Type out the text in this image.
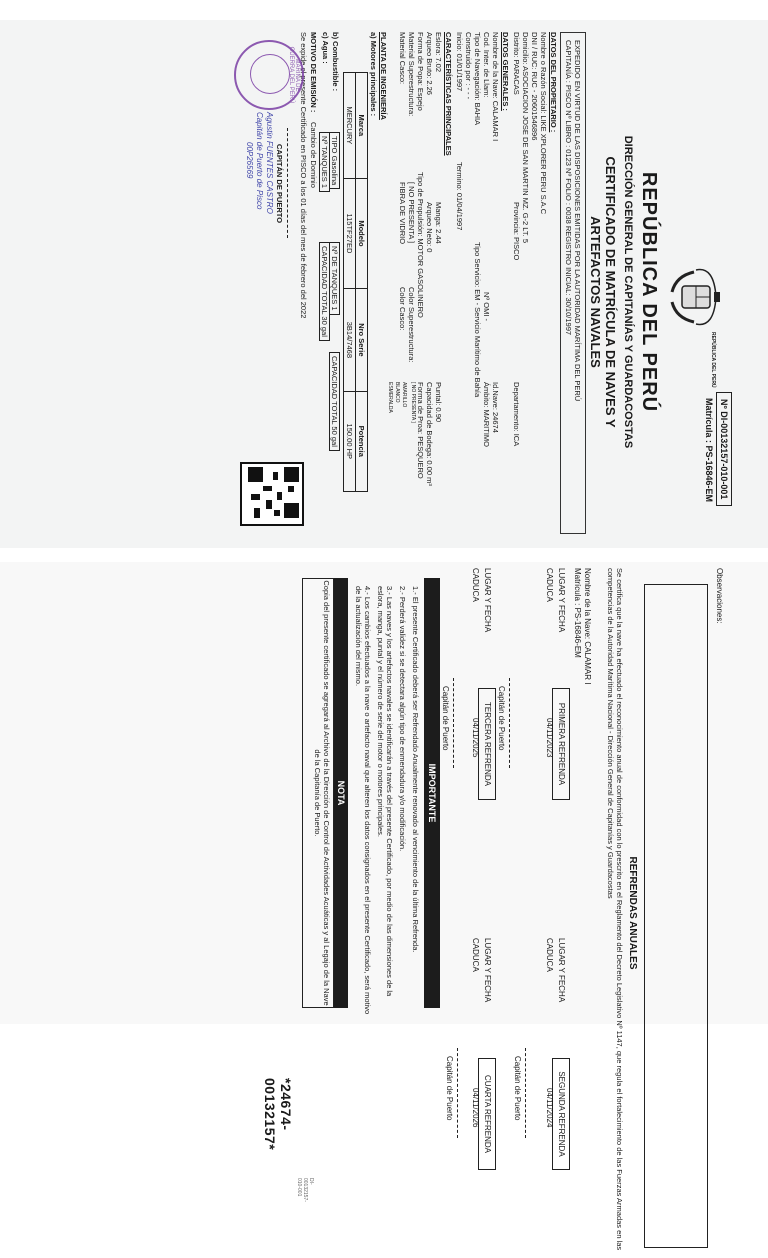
Nº DI-00132157-010-001
Matrícula : PS-16846-EM
REPÚBLICA DEL PERÚ
REPÚBLICA DEL PERÚ
DIRECCIÓN GENERAL DE CAPITANÍAS Y GUARDACOSTAS
CERTIFICADO DE MATRÍCULA DE NAVES Y
ARTEFACTOS NAVALES
EXPEDIDO EN VIRTUD DE LAS DISPOSICIONES EMITIDAS POR LA AUTORIDAD MARÍTIMA DEL PERÚ
CAPITANÍA : PISCO Nº LIBRO : 0123 Nº FOLIO : 0038 REGISTRO INICIAL: 30/10/1997
DATOS DEL PROPIETARIO :
Nombre o Razón Social: LIKE XPLORER PERU S.A.C
DNI / RUC: RUC - 20601546896
Domicilio: ASOCIACION JOSE DE SAN MARTIN MZ. G-2 LT. 5
Distrito: PARACAS
Provincia: PISCO
Departamento: ICA
DATOS GENERALES :
Nombre de la Nave: CALAMAR I
Id.Nave: 24674
Cod. Inter. de Llam:
Nº OMI -
Tipo de Navegación: BAHIA
Tipo Servicio: EM - Servicio Marítimo de Bahía
Ámbito: MARITIMO
Construido por : - - -
Inicio: 01/01/1997
Termino: 01/04/1997
CARACTERÍSTICAS PRINCIPALES
Eslora: 7.02
Manga: 2.44
Puntal: 0.90
Arqueo Bruto: 2.26
Arqueo Neto: 0
Capacidad de Bodega: 0.00 m³
Forma de Popa: Espejo
Tipo de Propulsión: MOTOR GASOLINERO
Forma de Proa: PESQUERO
Material Superestructura:
[ NO PRESENTA ]
Color Superestructura:
[ NO PRESENTA ]
Material Casco:
FIBRA DE VIDRIO
Color Casco:
AMARILLO
BLANCO
ESMERALDA
PLANTA DE INGENIERÍA
a) Motores principales :
Marca	Modelo	Nro Serie	Potencia
MERCURY	115TF27ED	3B14/7468	150.00 HP
b) Combustible :
TIPO Gasolina
Nº TANQUES 1
Nº DE TANQUES 1
CAPACIDAD TOTAL 50 gal
c) Agua :
CAPACIDAD TOTAL 30 gal
MOTIVO DE EMISIÓN :
Cambio de Dominio
Se expide el presente Certificado en PISCO a los 01 días del mes de febrero del 2022
MARINA DE GUERRA DEL PERÚ
CAPITÁN DE PUERTO
Agustin FUENTES CASTRO
Capitán de Puerto de Pisco
00P26569
Observaciones:
REFRENDAS ANUALES
Se certifica que la nave ha efectuado el reconocimiento anual de conformidad con lo prescrito en el Reglamento del Decreto Legislativo Nº 1147, que regula el fortalecimiento de las Fuerzas Armadas en las competencias de la Autoridad Marítima Nacional - Dirección General de Capitanías y Guardacostas
Nombre de la Nave: CALAMAR I
Matrícula : PS-16846-EM
LUGAR Y FECHA
PRIMERA REFRENDA
CADUCA
04/11/2023
Capitán de Puerto
LUGAR Y FECHA
SEGUNDA REFRENDA
CADUCA
04/11/2024
Capitán de Puerto
LUGAR Y FECHA
TERCERA REFRENDA
CADUCA
04/11/2025
Capitán de Puerto
LUGAR Y FECHA
CUARTA REFRENDA
CADUCA
04/11/2026
Capitán de Puerto
IMPORTANTE
1.- El presente Certificado deberá ser Refrendado Anualmente renovado al vencimiento de la última Refrenda.
2.- Perderá validez si se detectara algún tipo de enmendadura y/o modificación.
3.- Las naves y los artefactos navales se identificarán a través del presente Certificado, por medio de las dimensiones de la eslora, manga, puntal y el número de serie del motor o motores principales.
4.- Los cambios efectuados a la nave o artefacto naval que alteren los datos consignados en el presente Certificado, será motivo de la actualización del mismo.
NOTA
Copia del presente certificado se agregará al Archivo de la Dirección de Control de Actividades Acuáticas y al Legajo de la Nave de la Capitanía de Puerto.
DI-00132157-010-001
*24674-00132157*
